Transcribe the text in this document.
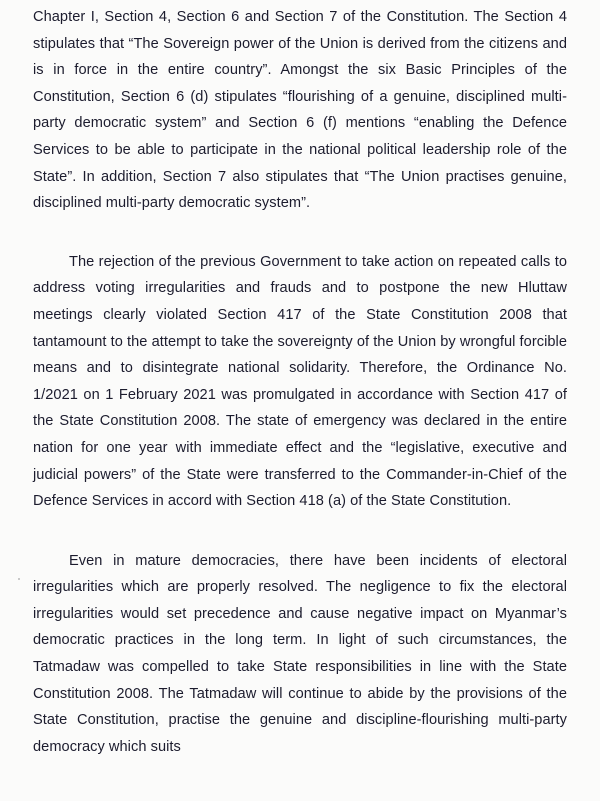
Chapter I, Section 4, Section 6 and Section 7 of the Constitution. The Section 4 stipulates that “The Sovereign power of the Union is derived from the citizens and is in force in the entire country”. Amongst the six Basic Principles of the Constitution, Section 6 (d) stipulates “flourishing of a genuine, disciplined multi-party democratic system” and Section 6 (f) mentions “enabling the Defence Services to be able to participate in the national political leadership role of the State”. In addition, Section 7 also stipulates that “The Union practises genuine, disciplined multi-party democratic system”.

The rejection of the previous Government to take action on repeated calls to address voting irregularities and frauds and to postpone the new Hluttaw meetings clearly violated Section 417 of the State Constitution 2008 that tantamount to the attempt to take the sovereignty of the Union by wrongful forcible means and to disintegrate national solidarity. Therefore, the Ordinance No. 1/2021 on 1 February 2021 was promulgated in accordance with Section 417 of the State Constitution 2008. The state of emergency was declared in the entire nation for one year with immediate effect and the “legislative, executive and judicial powers” of the State were transferred to the Commander-in-Chief of the Defence Services in accord with Section 418 (a) of the State Constitution.

Even in mature democracies, there have been incidents of electoral irregularities which are properly resolved. The negligence to fix the electoral irregularities would set precedence and cause negative impact on Myanmar’s democratic practices in the long term. In light of such circumstances, the Tatmadaw was compelled to take State responsibilities in line with the State Constitution 2008. The Tatmadaw will continue to abide by the provisions of the State Constitution, practise the genuine and discipline-flourishing multi-party democracy which suits
